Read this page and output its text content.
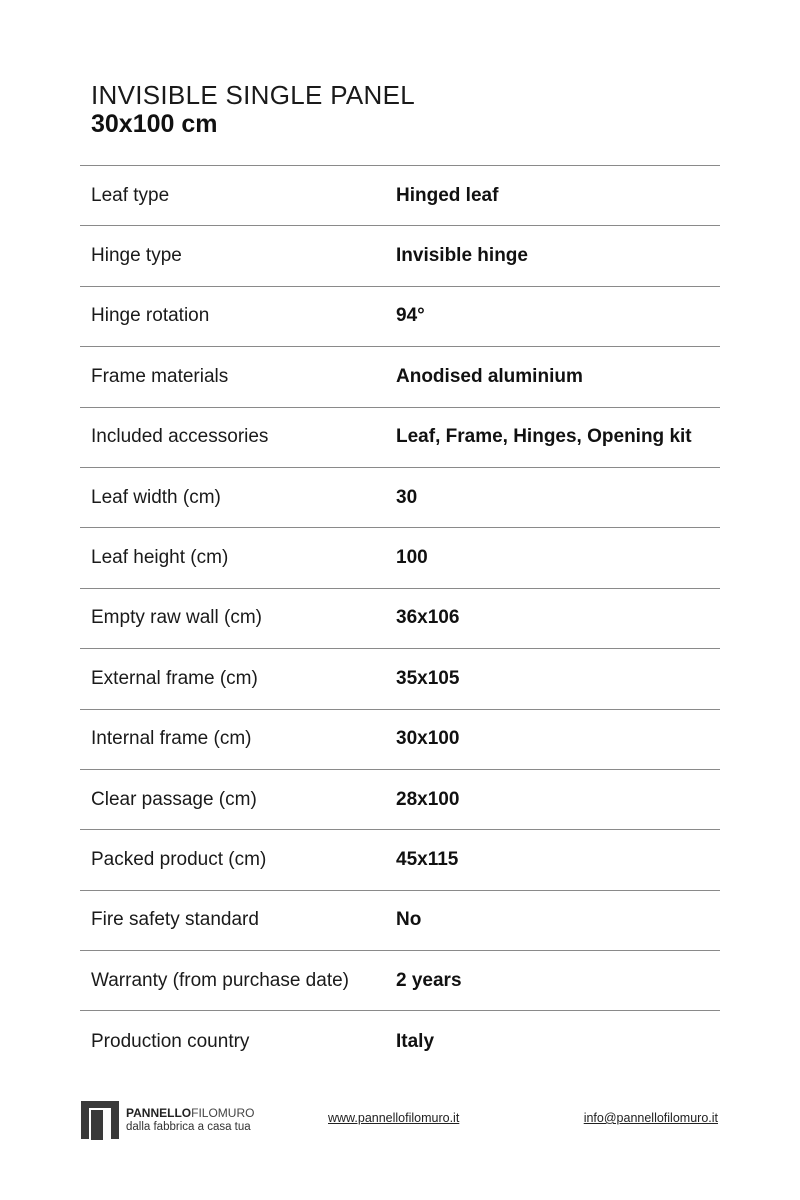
INVISIBLE SINGLE PANEL
30x100 cm
Leaf type	Hinged leaf
Hinge type	Invisible hinge
Hinge rotation	94°
Frame materials	Anodised aluminium
Included accessories	Leaf, Frame, Hinges, Opening kit
Leaf width (cm)	30
Leaf height (cm)	100
Empty raw wall (cm)	36x106
External frame (cm)	35x105
Internal frame (cm)	30x100
Clear passage (cm)	28x100
Packed product (cm)	45x115
Fire safety standard	No
Warranty (from purchase date)	2 years
Production country	Italy
PANNELLOFILOMURO
dalla fabbrica a casa tua
www.pannellofilomuro.it	info@pannellofilomuro.it
